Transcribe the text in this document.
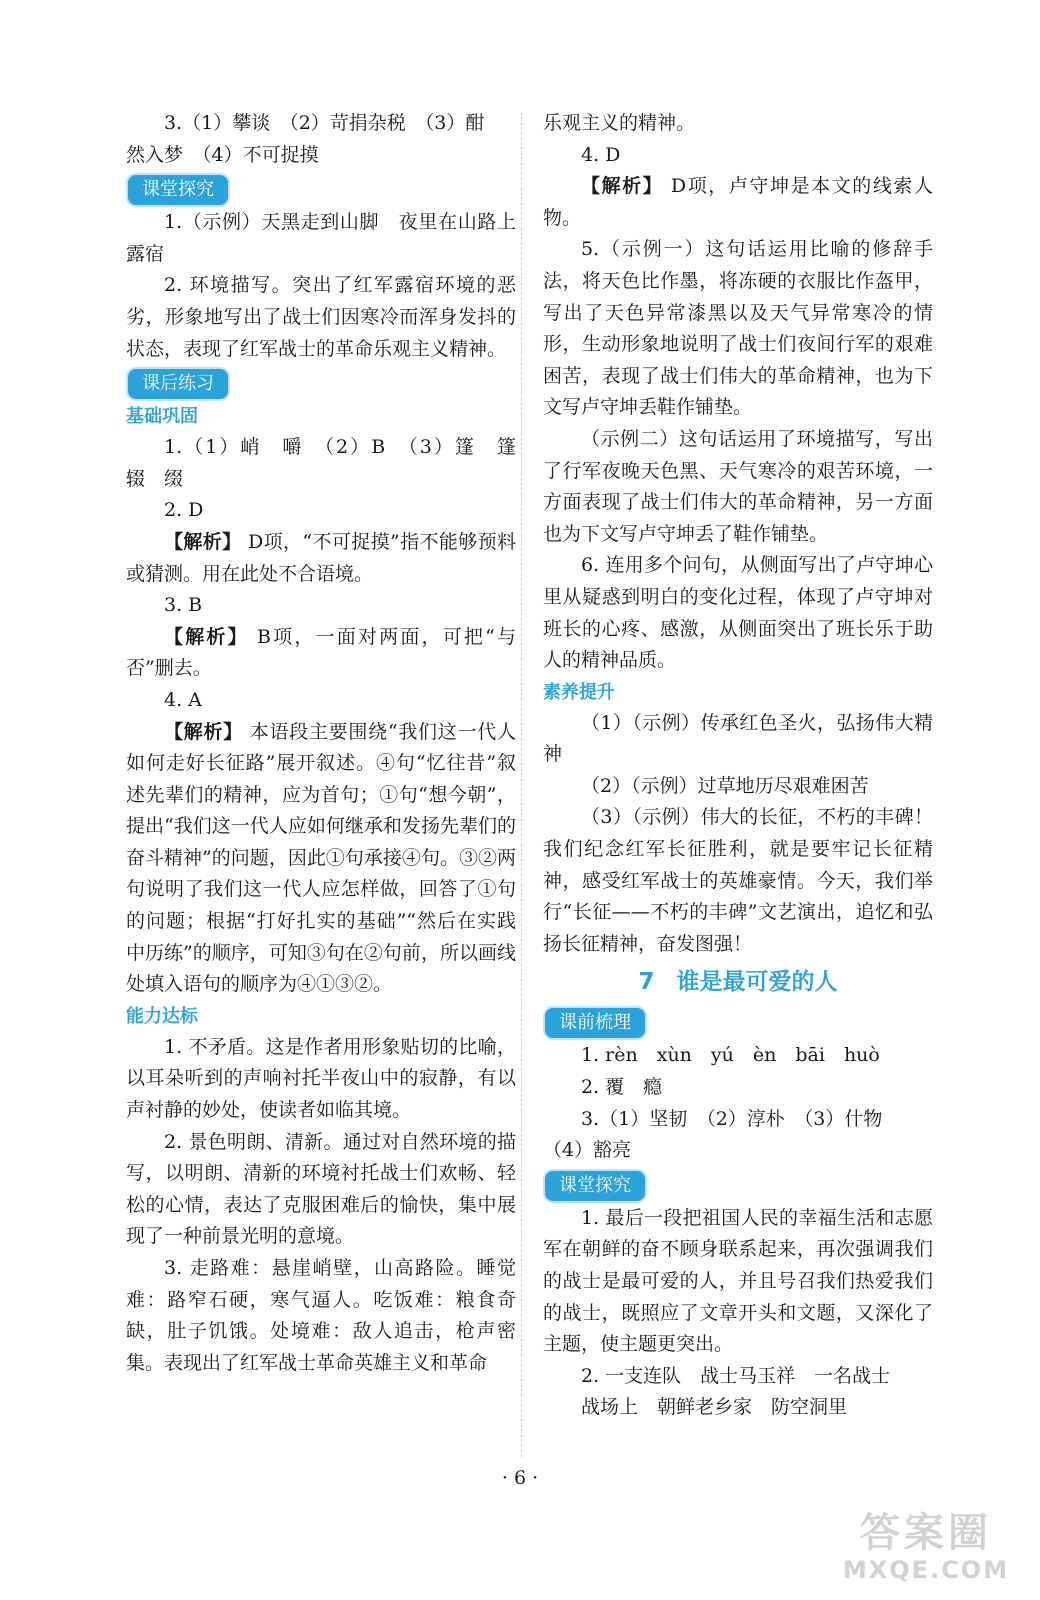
3.（1）攀谈　（2）苛捐杂税　（3）酣

然入梦　（4）不可捉摸

课堂探究

1.（示例）天黑走到山脚　夜里在山路上露宿

2. 环境描写。突出了红军露宿环境的恶劣，形象地写出了战士们因寒冷而浑身发抖的状态，表现了红军战士的革命乐观主义精神。

课后练习

基础巩固

1.（1）峭　嚼　（2）B　（3）篷　篷　辍　缀

2. D

【解析】 D项，“不可捉摸”指不能够预料或猜测。用在此处不合语境。

3. B

【解析】 B项，一面对两面，可把“与否”删去。

4. A

【解析】 本语段主要围绕“我们这一代人如何走好长征路”展开叙述。④句“忆往昔”叙述先辈们的精神，应为首句；①句“想今朝”，提出“我们这一代人应如何继承和发扬先辈们的奋斗精神”的问题，因此①句承接④句。③②两句说明了我们这一代人应怎样做，回答了①句的问题；根据“打好扎实的基础”“然后在实践中历练”的顺序，可知③句在②句前，所以画线处填入语句的顺序为④①③②。

能力达标

1. 不矛盾。这是作者用形象贴切的比喻，以耳朵听到的声响衬托半夜山中的寂静，有以声衬静的妙处，使读者如临其境。

2. 景色明朗、清新。通过对自然环境的描写，以明朗、清新的环境衬托战士们欢畅、轻松的心情，表达了克服困难后的愉快，集中展现了一种前景光明的意境。

3. 走路难：悬崖峭壁，山高路险。睡觉难：路窄石硬，寒气逼人。吃饭难：粮食奇缺，肚子饥饿。处境难：敌人追击，枪声密集。表现出了红军战士革命英雄主义和革命

乐观主义的精神。

4. D

【解析】 D项，卢守坤是本文的线索人物。

5.（示例一）这句话运用比喻的修辞手法，将天色比作墨，将冻硬的衣服比作盔甲，写出了天色异常漆黑以及天气异常寒冷的情形，生动形象地说明了战士们夜间行军的艰难困苦，表现了战士们伟大的革命精神，也为下文写卢守坤丢鞋作铺垫。

（示例二）这句话运用了环境描写，写出了行军夜晚天色黑、天气寒冷的艰苦环境，一方面表现了战士们伟大的革命精神，另一方面也为下文写卢守坤丢了鞋作铺垫。

6. 连用多个问句，从侧面写出了卢守坤心里从疑惑到明白的变化过程，体现了卢守坤对班长的心疼、感激，从侧面突出了班长乐于助人的精神品质。

素养提升

（1）（示例）传承红色圣火，弘扬伟大精神

（2）（示例）过草地历尽艰难困苦

（3）（示例）伟大的长征，不朽的丰碑！我们纪念红军长征胜利，就是要牢记长征精神，感受红军战士的英雄豪情。今天，我们举行“长征——不朽的丰碑”文艺演出，追忆和弘扬长征精神，奋发图强！

7 谁是最可爱的人
课前梳理

1. rèn　xùn　yú　èn　bāi　huò

2. 覆　瘾

3.（1）坚韧　（2）淳朴　（3）什物

（4）豁亮

课堂探究

1. 最后一段把祖国人民的幸福生活和志愿军在朝鲜的奋不顾身联系起来，再次强调我们的战士是最可爱的人，并且号召我们热爱我们的战士，既照应了文章开头和文题，又深化了主题，使主题更突出。

2. 一支连队　战士马玉祥　一名战士

战场上　朝鲜老乡家　防空洞里

· 6 ·
答案圈
MXQE.COM
